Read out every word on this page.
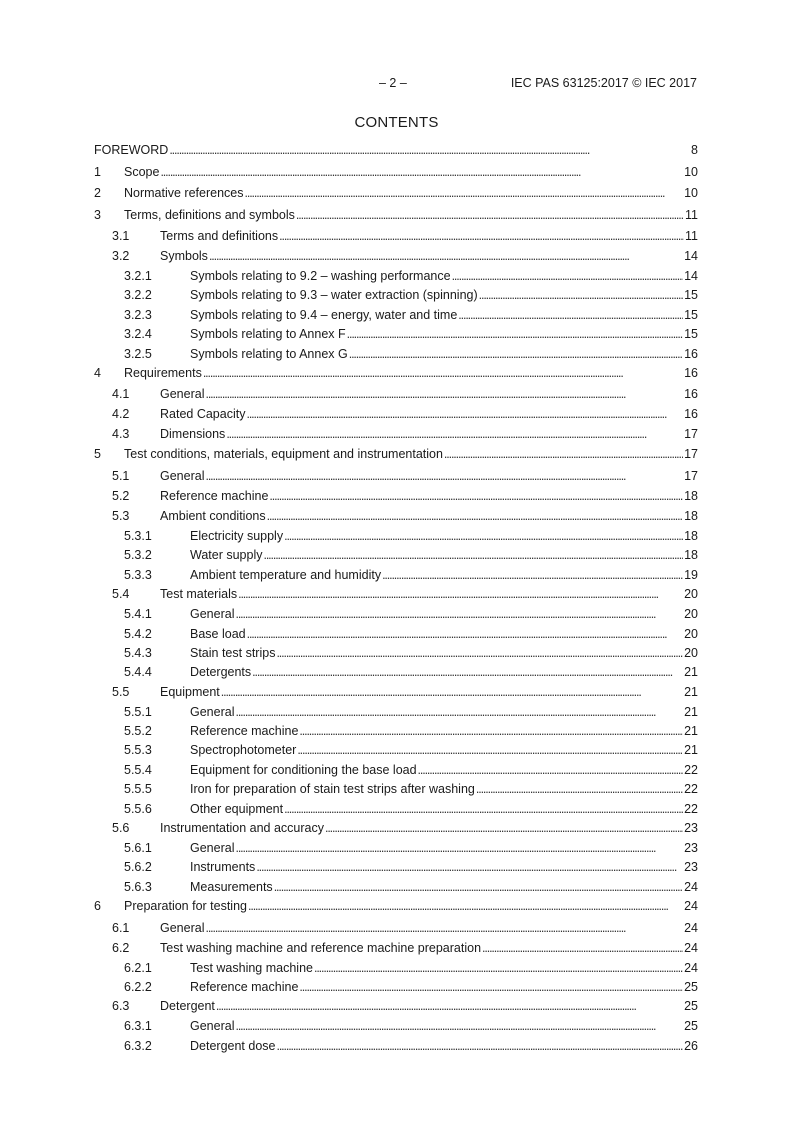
– 2 –	IEC PAS 63125:2017 © IEC 2017
CONTENTS
FOREWORD . . .	8
1	Scope . . .	10
2	Normative references . . .	10
3	Terms, definitions and symbols . . .	11
3.1	Terms and definitions . . .	11
3.2	Symbols . . .	14
3.2.1	Symbols relating to 9.2 – washing performance . . .	14
3.2.2	Symbols relating to 9.3 – water extraction (spinning) . . .	15
3.2.3	Symbols relating to 9.4 – energy, water and time . . .	15
3.2.4	Symbols relating to Annex F . . .	15
3.2.5	Symbols relating to Annex G . . .	16
4	Requirements . . .	16
4.1	General . . .	16
4.2	Rated Capacity . . .	16
4.3	Dimensions . . .	17
5	Test conditions, materials, equipment and instrumentation . . .	17
5.1	General . . .	17
5.2	Reference machine . . .	18
5.3	Ambient conditions . . .	18
5.3.1	Electricity supply . . .	18
5.3.2	Water supply . . .	18
5.3.3	Ambient temperature and humidity . . .	19
5.4	Test materials . . .	20
5.4.1	General . . .	20
5.4.2	Base load . . .	20
5.4.3	Stain test strips . . .	20
5.4.4	Detergents . . .	21
5.5	Equipment . . .	21
5.5.1	General . . .	21
5.5.2	Reference machine . . .	21
5.5.3	Spectrophotometer . . .	21
5.5.4	Equipment for conditioning the base load . . .	22
5.5.5	Iron for preparation of stain test strips after washing . . .	22
5.5.6	Other equipment . . .	22
5.6	Instrumentation and accuracy . . .	23
5.6.1	General . . .	23
5.6.2	Instruments . . .	23
5.6.3	Measurements . . .	24
6	Preparation for testing . . .	24
6.1	General . . .	24
6.2	Test washing machine and reference machine preparation . . .	24
6.2.1	Test washing machine . . .	24
6.2.2	Reference machine . . .	25
6.3	Detergent . . .	25
6.3.1	General . . .	25
6.3.2	Detergent dose . . .	26
